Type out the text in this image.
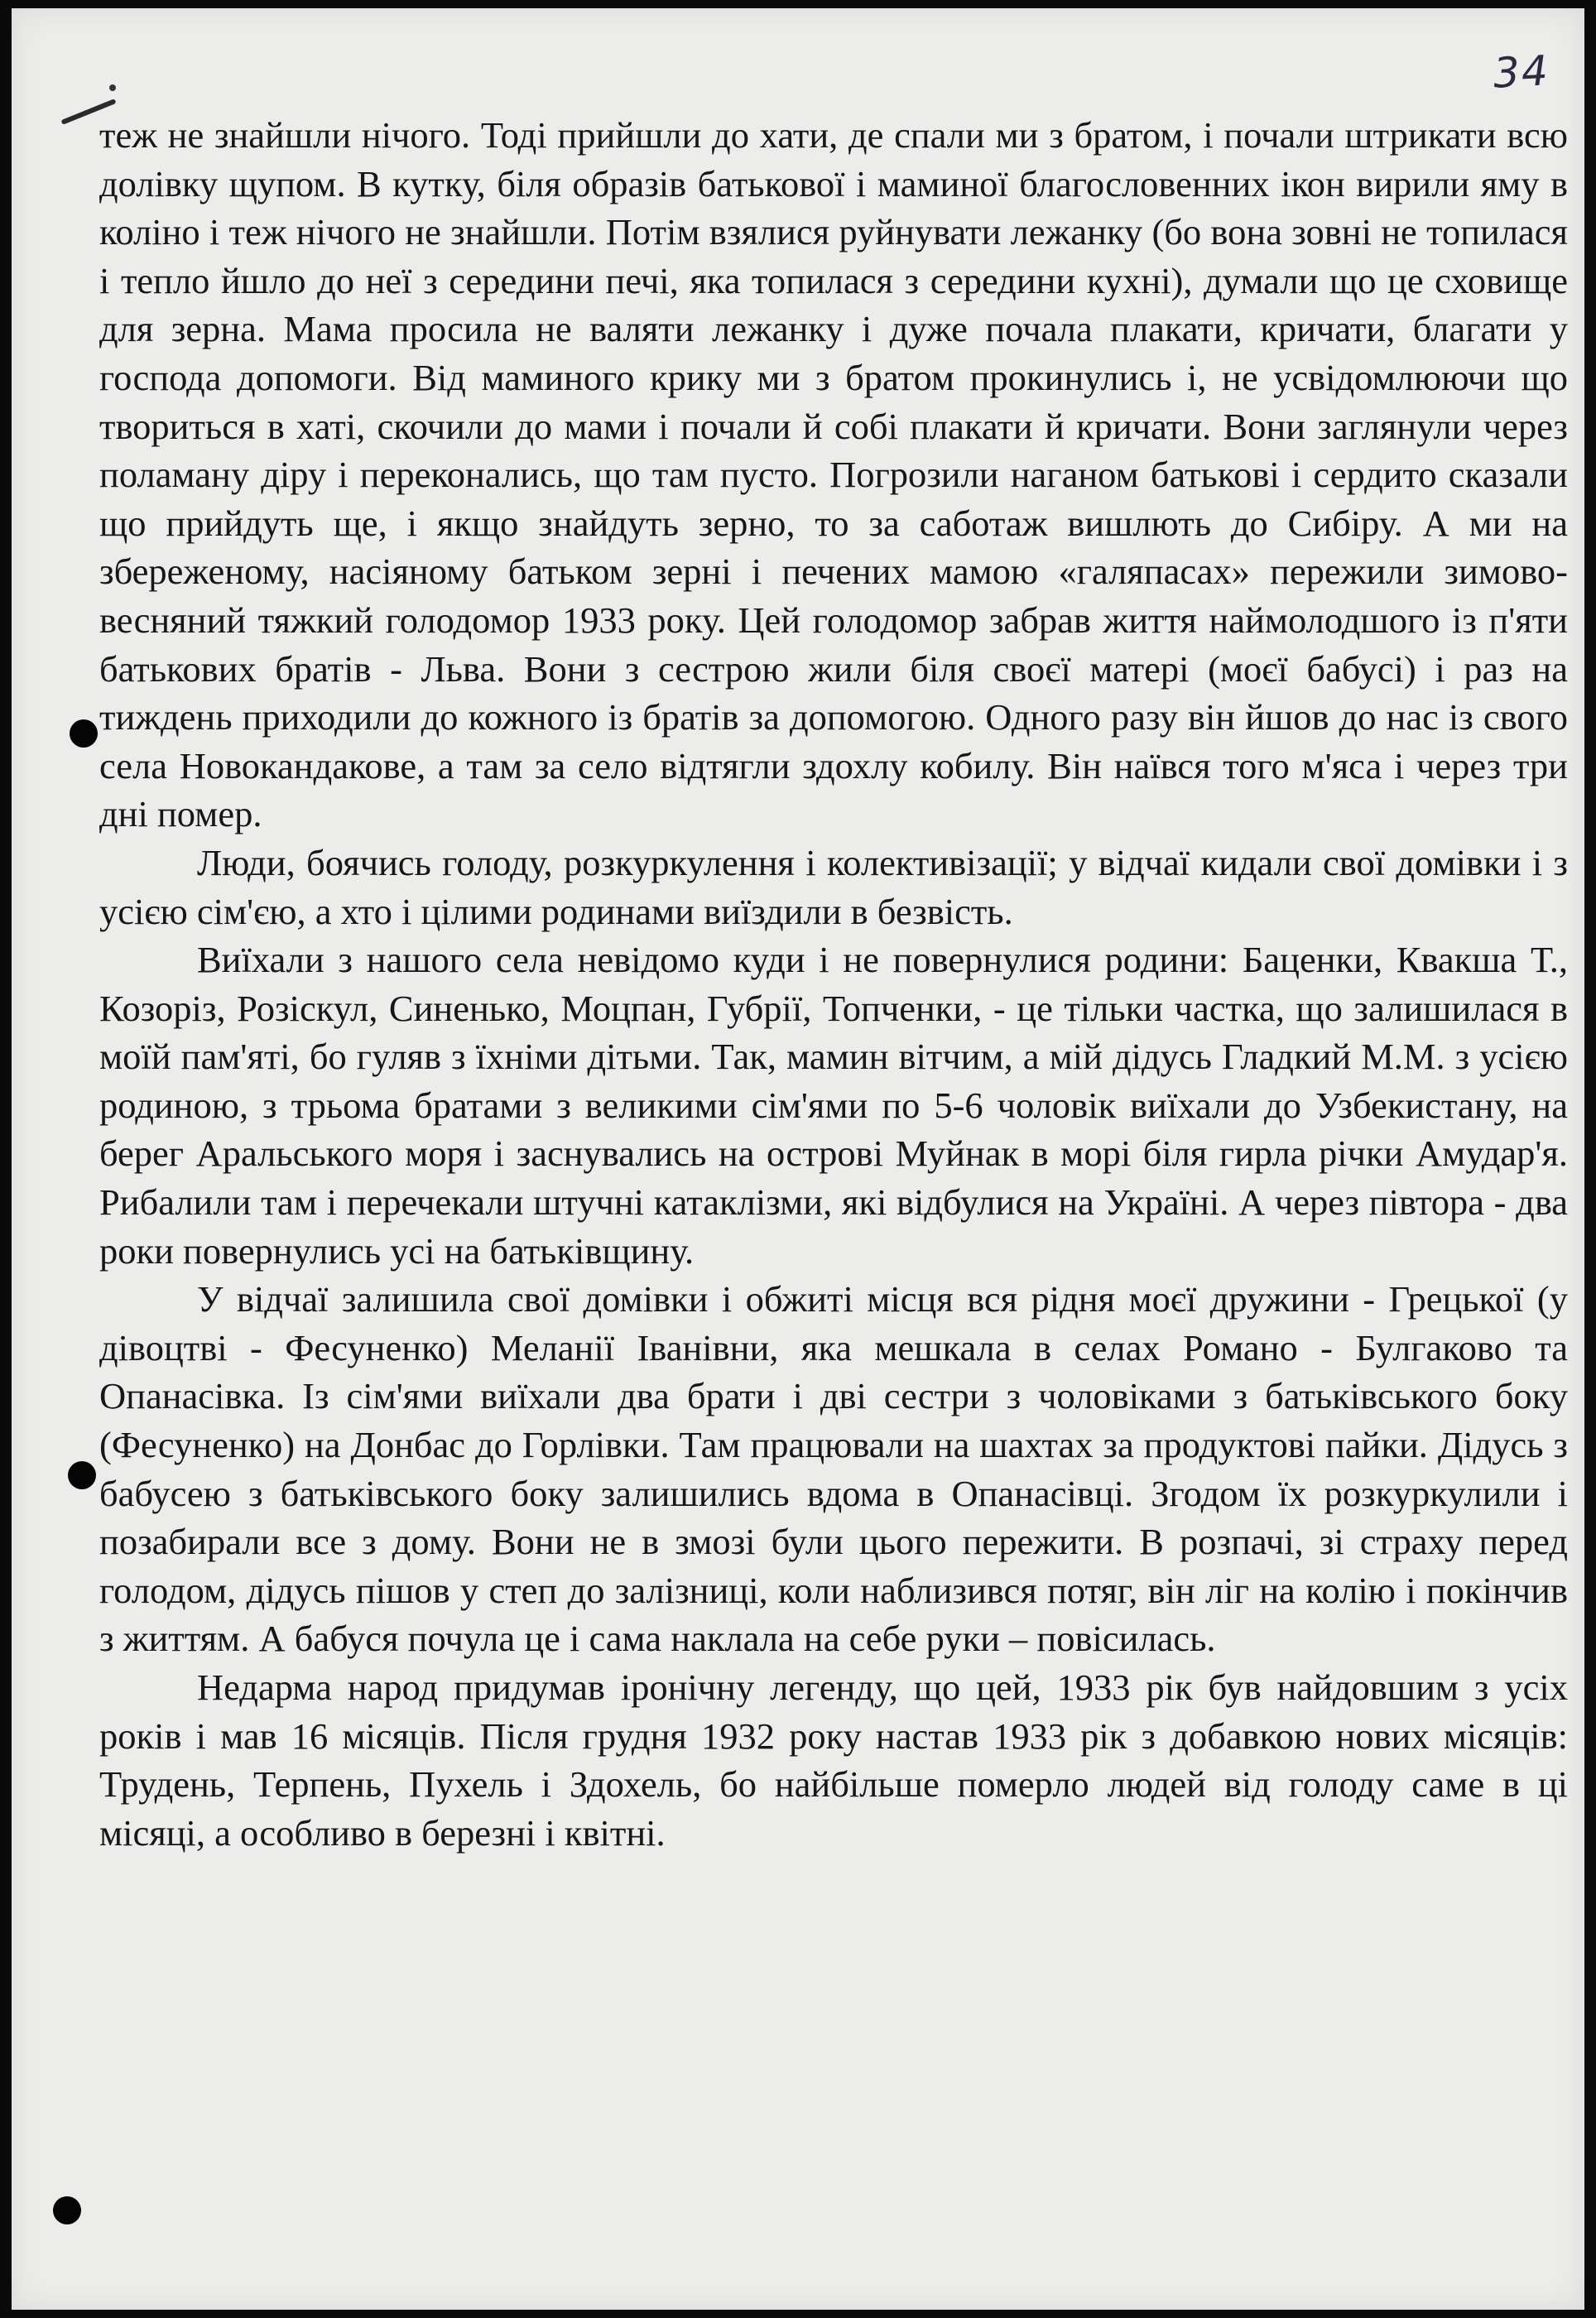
34

теж не знайшли нічого. Тоді прийшли до хати, де спали ми з братом, і почали штрикати всю долівку щупом. В кутку, біля образів батькової і маминої благословенних ікон вирили яму в коліно і теж нічого не знайшли. Потім взялися руйнувати лежанку (бо вона зовні не топилася і тепло йшло до неї з середини печі, яка топилася з середини кухні), думали що це сховище для зерна. Мама просила не валяти лежанку і дуже почала плакати, кричати, благати у господа допомоги. Від маминого крику ми з братом прокинулись і, не усвідомлюючи що твориться в хаті, скочили до мами і почали й собі плакати й кричати. Вони заглянули через поламану діру і переконались, що там пусто. Погрозили наганом батькові і сердито сказали що прийдуть ще, і якщо знайдуть зерно, то за саботаж вишлють до Сибіру. А ми на збереженому, насіяному батьком зерні і печених мамою «галяпасах» пережили зимово-весняний тяжкий голодомор 1933 року. Цей голодомор забрав життя наймолодшого із п'яти батькових братів - Льва. Вони з сестрою жили біля своєї матері (моєї бабусі) і раз на тиждень приходили до кожного із братів за допомогою. Одного разу він йшов до нас із свого села Новокандакове, а там за село відтягли здохлу кобилу. Він наївся того м'яса і через три дні помер.

Люди, боячись голоду, розкуркулення і колективізації; у відчаї кидали свої домівки і з усією сім'єю, а хто і цілими родинами виїздили в безвість.

Виїхали з нашого села невідомо куди і не повернулися родини: Баценки, Квакша Т., Козоріз, Розіскул, Синенько, Моцпан, Губрії, Топченки, - це тільки частка, що залишилася в моїй пам'яті, бо гуляв з їхніми дітьми. Так, мамин вітчим, а мій дідусь Гладкий М.М. з усією родиною, з трьома братами з великими сім'ями по 5-6 чоловік виїхали до Узбекистану, на берег Аральського моря і заснувались на острові Муйнак в морі біля гирла річки Амудар'я. Рибалили там і перечекали штучні катаклізми, які відбулися на Україні. А через півтора - два роки повернулись усі на батьківщину.

У відчаї залишила свої домівки і обжиті місця вся рідня моєї дружини - Грецької (у дівоцтві - Фесуненко) Меланії Іванівни, яка мешкала в селах Романо - Булгаково та Опанасівка. Із сім'ями виїхали два брати і дві сестри з чоловіками з батьківського боку (Фесуненко) на Донбас до Горлівки. Там працювали на шахтах за продуктові пайки. Дідусь з бабусею з батьківського боку залишились вдома в Опанасівці. Згодом їх розкуркулили і позабирали все з дому. Вони не в змозі були цього пережити. В розпачі, зі страху перед голодом, дідусь пішов у степ до залізниці, коли наблизився потяг, він ліг на колію і покінчив з життям. А бабуся почула це і сама наклала на себе руки – повісилась.

Недарма народ придумав іронічну легенду, що цей, 1933 рік був найдовшим з усіх років і мав 16 місяців. Після грудня 1932 року настав 1933 рік з добавкою нових місяців: Трудень, Терпень, Пухель і Здохель, бо найбільше померло людей від голоду саме в ці місяці, а особливо в березні і квітні.
